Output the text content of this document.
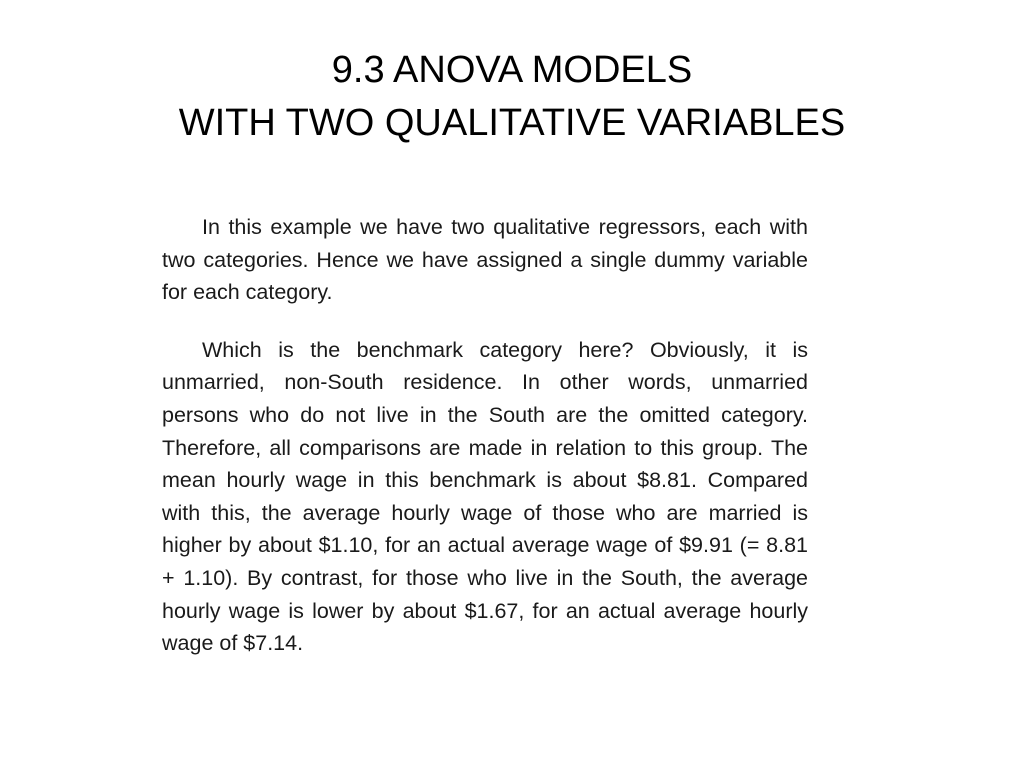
9.3 ANOVA MODELS
WITH TWO QUALITATIVE VARIABLES

In this example we have two qualitative regressors, each with two categories. Hence we have assigned a single dummy variable for each category.

Which is the benchmark category here? Obviously, it is unmarried, non-South residence. In other words, unmarried persons who do not live in the South are the omitted category. Therefore, all comparisons are made in relation to this group. The mean hourly wage in this benchmark is about $8.81. Compared with this, the average hourly wage of those who are married is higher by about $1.10, for an actual average wage of $9.91 (= 8.81 + 1.10). By contrast, for those who live in the South, the average hourly wage is lower by about $1.67, for an actual average hourly wage of $7.14.
